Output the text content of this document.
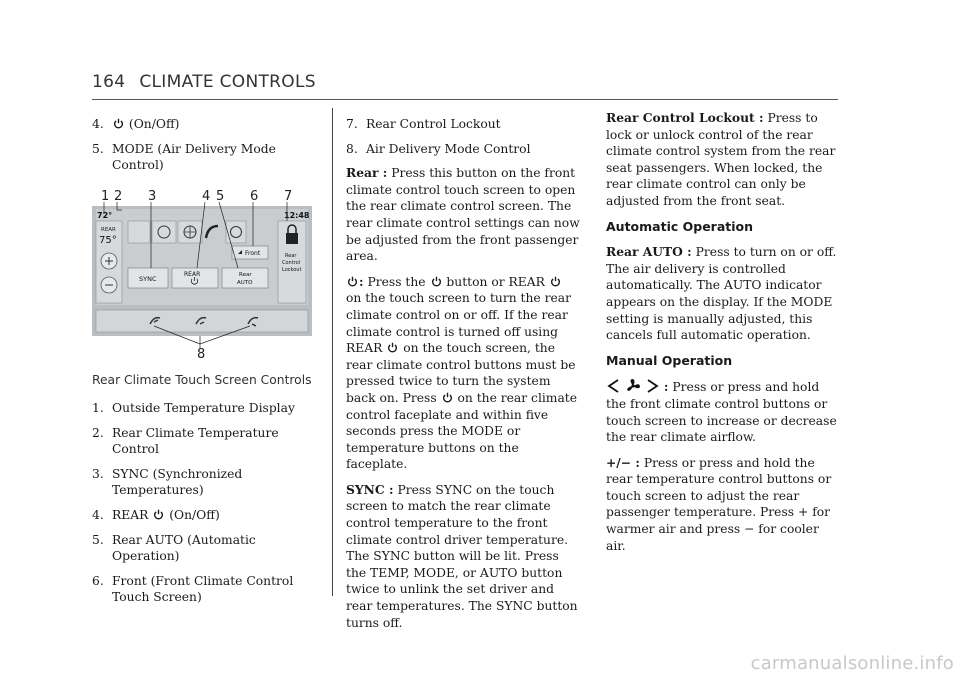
164 CLIMATE CONTROLS
4.	(On/Off)
5. MODE (Air Delivery Mode Control)
1 2 3	4 5 6 7
8
72°
REAR
75°
12:48
Front
SYNC
REAR	Rear
AUTO
Rear
Control
Lockout
Rear Climate Touch Screen Controls
1. Outside Temperature Display
2. Rear Climate Temperature Control
3. SYNC (Synchronized Temperatures)
4. REAR (On/Off)
5. Rear AUTO (Automatic Operation)
6. Front (Front Climate Control Touch Screen)
7. Rear Control Lockout
8. Air Delivery Mode Control

Rear : Press this button on the front climate control touch screen to open the rear climate control screen. The rear climate control settings can now be adjusted from the front passenger area.

: Press the button or REAR  on the touch screen to turn the rear climate control on or off. If the rear climate control is turned off using REAR on the touch screen, the rear climate control buttons must be pressed twice to turn the system back on. Press on the rear climate control faceplate and within five seconds press the MODE or temperature buttons on the faceplate.

SYNC : Press SYNC on the touch screen to match the rear climate control temperature to the front climate control driver temperature. The SYNC button will be lit. Press the TEMP, MODE, or AUTO button twice to unlink the set driver and rear temperatures. The SYNC button turns off.

Rear Control Lockout : Press to lock or unlock control of the rear climate control system from the rear seat passengers. When locked, the rear climate control can only be adjusted from the front seat.

Automatic Operation

Rear AUTO : Press to turn on or off. The air delivery is controlled automatically. The AUTO indicator appears on the display. If the MODE setting is manually adjusted, this cancels full automatic operation.

Manual Operation

: Press or press and hold the front climate control buttons or touch screen to increase or decrease the rear climate airflow.

+/− : Press or press and hold the rear temperature control buttons or touch screen to adjust the rear passenger temperature. Press + for warmer air and press − for cooler air.

carmanualsonline.info
